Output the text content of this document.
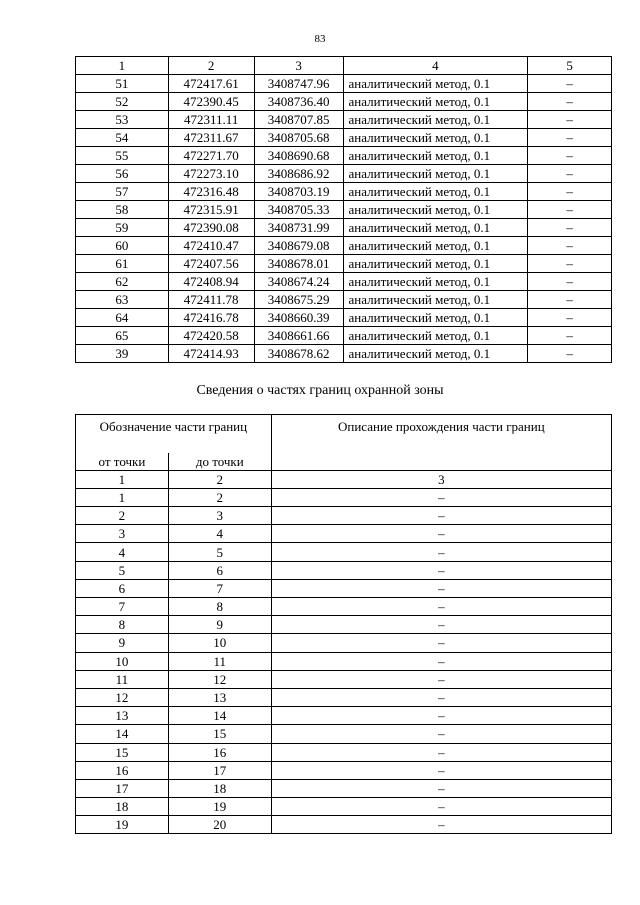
83
1	2	3	4	5
51	472417.61	3408747.96	аналитический метод, 0.1	–
52	472390.45	3408736.40	аналитический метод, 0.1	–
53	472311.11	3408707.85	аналитический метод, 0.1	–
54	472311.67	3408705.68	аналитический метод, 0.1	–
55	472271.70	3408690.68	аналитический метод, 0.1	–
56	472273.10	3408686.92	аналитический метод, 0.1	–
57	472316.48	3408703.19	аналитический метод, 0.1	–
58	472315.91	3408705.33	аналитический метод, 0.1	–
59	472390.08	3408731.99	аналитический метод, 0.1	–
60	472410.47	3408679.08	аналитический метод, 0.1	–
61	472407.56	3408678.01	аналитический метод, 0.1	–
62	472408.94	3408674.24	аналитический метод, 0.1	–
63	472411.78	3408675.29	аналитический метод, 0.1	–
64	472416.78	3408660.39	аналитический метод, 0.1	–
65	472420.58	3408661.66	аналитический метод, 0.1	–
39	472414.93	3408678.62	аналитический метод, 0.1	–
Сведения о частях границ охранной зоны
Обозначение части границ		Описание прохождения части границ
от точки	до точки	
1	2	3
1	2	–
2	3	–
3	4	–
4	5	–
5	6	–
6	7	–
7	8	–
8	9	–
9	10	–
10	11	–
11	12	–
12	13	–
13	14	–
14	15	–
15	16	–
16	17	–
17	18	–
18	19	–
19	20	–
